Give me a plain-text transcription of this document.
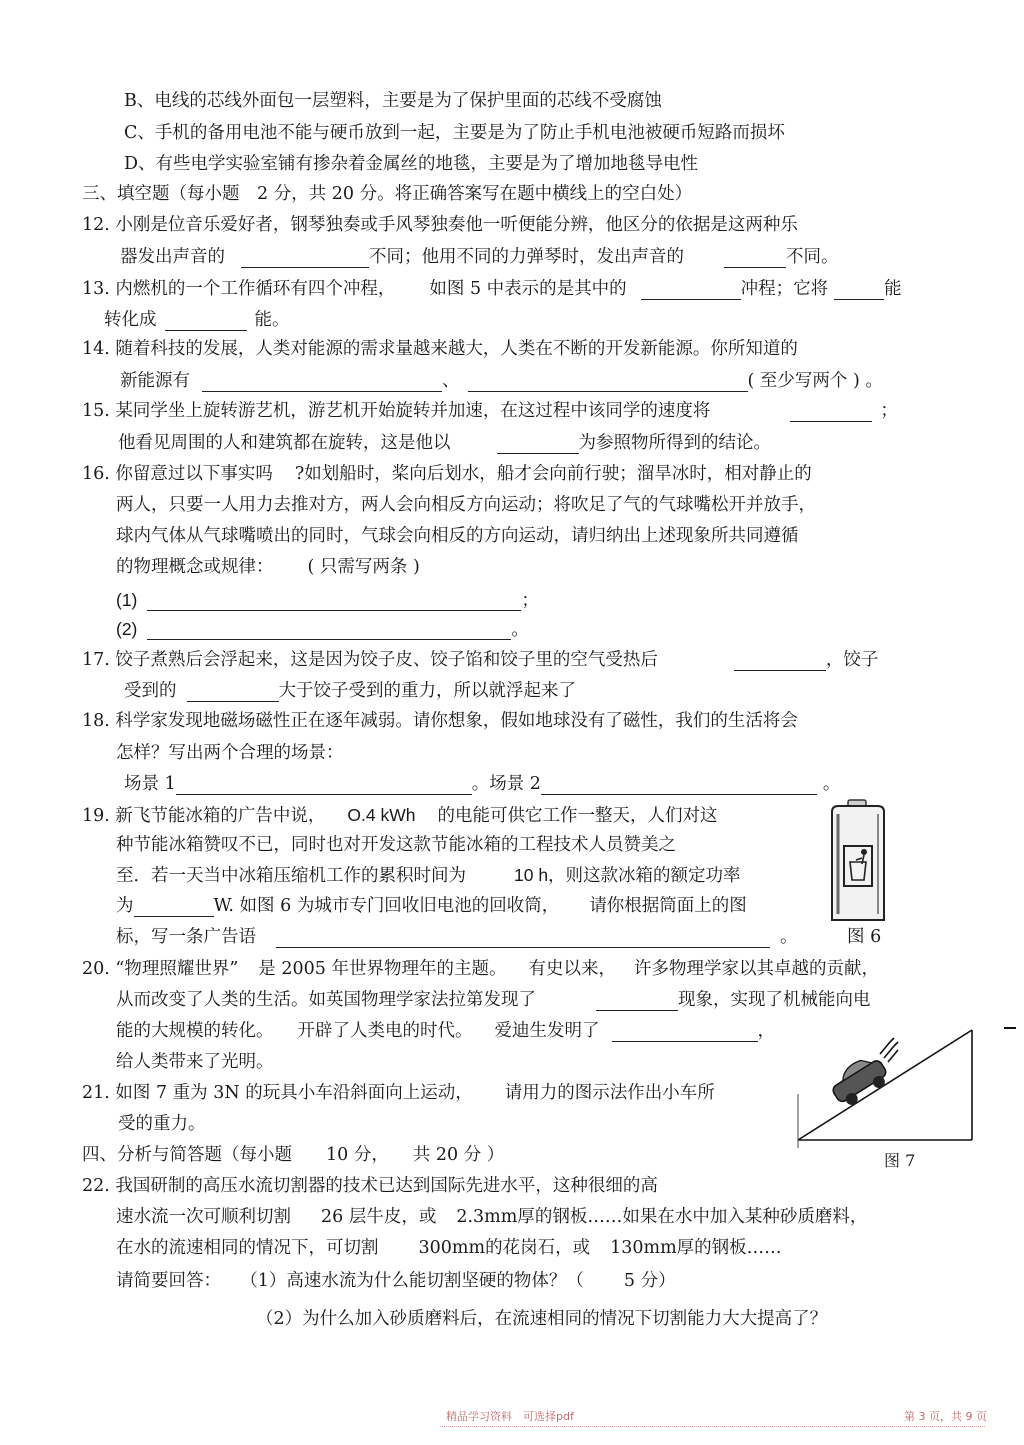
B、电线的芯线外面包一层塑料，主要是为了保护里面的芯线不受腐蚀
C、手机的备用电池不能与硬币放到一起，主要是为了防止手机电池被硬币短路而损坏
D、有些电学实验室铺有掺杂着金属丝的地毯，主要是为了增加地毯导电性
三、填空题（每小题　2 分，共 20 分。将正确答案写在题中横线上的空白处）
12. 小刚是位音乐爱好者，钢琴独奏或手风琴独奏他一听便能分辨，他区分的依据是这两种乐
器发出声音的	不同；他用不同的力弹琴时，发出声音的	不同。
13. 内燃机的一个工作循环有四个冲程， 如图 5 中表示的是其中的	冲程；它将	能
转化成	能。
14. 随着科技的发展，人类对能源的需求量越来越大，人类在不断的开发新能源。你所知道的
新能源有	、	( 至少写两个 ) 。
15. 某同学坐上旋转游艺机，游艺机开始旋转并加速，在这过程中该同学的速度将	；
他看见周围的人和建筑都在旋转，这是他以	为参照物所得到的结论。
16. 你留意过以下事实吗 ?如划船时，桨向后划水，船才会向前行驶；溜旱冰时，相对静止的
两人，只要一人用力去推对方，两人会向相反方向运动；将吹足了气的气球嘴松开并放手，
球内气体从气球嘴喷出的同时，气球会向相反的方向运动，请归纳出上述现象所共同遵循
的物理概念或规律： ( 只需写两条 )
(1)	；
(2)	。
17. 饺子煮熟后会浮起来，这是因为饺子皮、饺子馅和饺子里的空气受热后	，饺子
受到的	大于饺子受到的重力，所以就浮起来了
18. 科学家发现地磁场磁性正在逐年减弱。请你想象，假如地球没有了磁性，我们的生活将会
怎样？写出两个合理的场景：
场景 1	。场景 2	。
19. 新飞节能冰箱的广告中说， O.4 kWh 的电能可供它工作一整天，人们对这
种节能冰箱赞叹不已，同时也对开发这款节能冰箱的工程技术人员赞美之
至．若一天当中冰箱压缩机工作的累积时间为	10 h，则这款冰箱的额定功率
为	W. 如图 6 为城市专门回收旧电池的回收筒， 请你根据筒面上的图
标，写一条广告语	。	图 6
20. “物理照耀世界” 是 2005 年世界物理年的主题。 有史以来， 许多物理学家以其卓越的贡献，
从而改变了人类的生活。如英国物理学家法拉第发现了	现象，实现了机械能向电
能的大规模的转化。 开辟了人类电的时代。 爱迪生发明了	，
给人类带来了光明。
21. 如图 7 重为 3N 的玩具小车沿斜面向上运动， 请用力的图示法作出小车所
受的重力。
图 7
四、分析与简答题（每小题 10 分， 共 20 分 ）
22. 我国研制的高压水流切割器的技术已达到国际先进水平，这种很细的高
速水流一次可顺利切割 26 层牛皮，或 2.3mm厚的钢板……如果在水中加入某种砂质磨料，
在水的流速相同的情况下，可切割 300mm的花岗石，或 130mm厚的钢板……
请简要回答： （1）高速水流为什么能切割坚硬的物体？（ 5 分）
（2）为什么加入砂质磨料后，在流速相同的情况下切割能力大大提高了？
精品学习资料　可选择pdf	第 3 页，共 9 页
